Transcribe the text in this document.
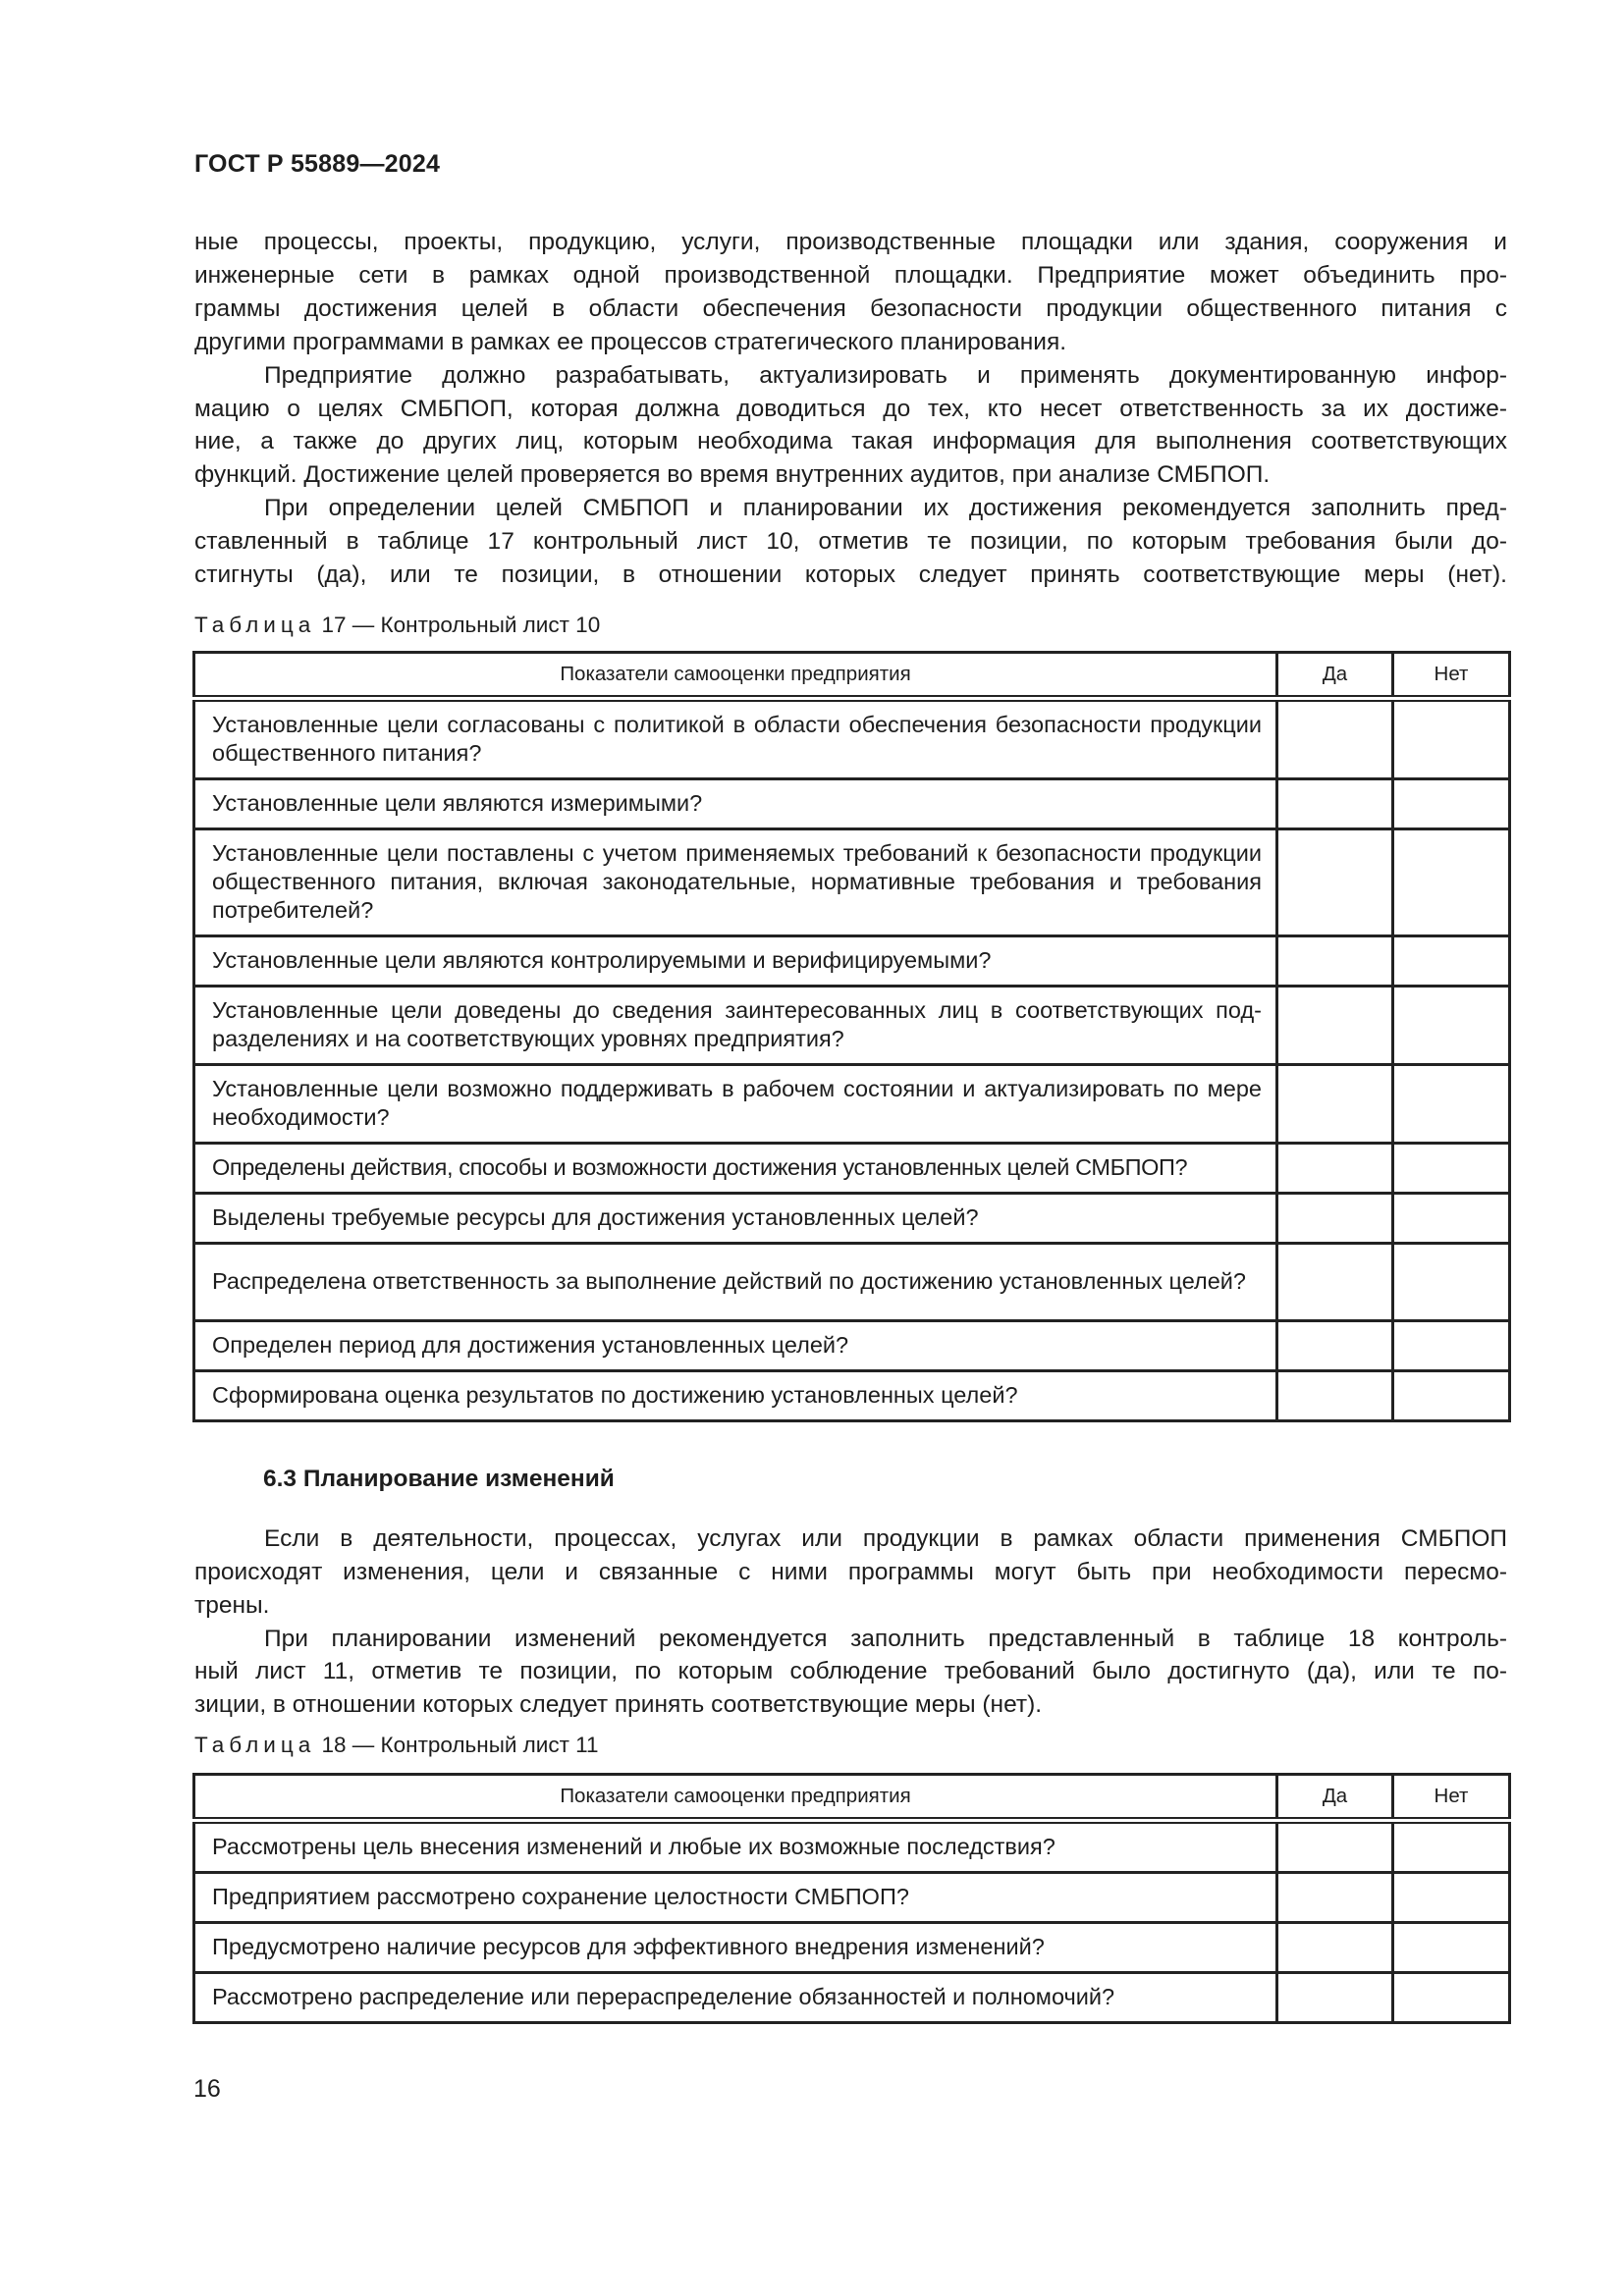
ГОСТ Р 55889—2024
ные процессы, проекты, продукцию, услуги, производственные площадки или здания, сооружения и
инженерные сети в рамках одной производственной площадки. Предприятие может объединить про-
граммы достижения целей в области обеспечения безопасности продукции общественного питания с
другими программами в рамках ее процессов стратегического планирования.
Предприятие должно разрабатывать, актуализировать и применять документированную инфор-
мацию о целях СМБПОП, которая должна доводиться до тех, кто несет ответственность за их достиже-
ние, а также до других лиц, которым необходима такая информация для выполнения соответствующих
функций. Достижение целей проверяется во время внутренних аудитов, при анализе СМБПОП.
При определении целей СМБПОП и планировании их достижения рекомендуется заполнить пред-
ставленный в таблице 17 контрольный лист 10, отметив те позиции, по которым требования были до-
стигнуты (да), или те позиции, в отношении которых следует принять соответствующие меры (нет).
Таблица 17 — Контрольный лист 10
Показатели самооценки предприятия	Да	Нет
Установленные цели согласованы с политикой в области обеспечения безопасности продукции общественного питания?		
Установленные цели являются измеримыми?		
Установленные цели поставлены с учетом применяемых требований к безопасности продукции общественного питания, включая законодательные, нормативные требования и требования потребителей?		
Установленные цели являются контролируемыми и верифицируемыми?		
Установленные цели доведены до сведения заинтересованных лиц в соответствующих подразделениях и на соответствующих уровнях предприятия?		
Установленные цели возможно поддерживать в рабочем состоянии и актуализировать по мере необходимости?		
Определены действия, способы и возможности достижения установленных целей СМБПОП?		
Выделены требуемые ресурсы для достижения установленных целей?		
Распределена ответственность за выполнение действий по достижению установленных целей?		
Определен период для достижения установленных целей?		
Сформирована оценка результатов по достижению установленных целей?		
6.3 Планирование изменений
Если в деятельности, процессах, услугах или продукции в рамках области применения СМБПОП
происходят изменения, цели и связанные с ними программы могут быть при необходимости пересмо-
трены.
При планировании изменений рекомендуется заполнить представленный в таблице 18 контроль-
ный лист 11, отметив те позиции, по которым соблюдение требований было достигнуто (да), или те по-
зиции, в отношении которых следует принять соответствующие меры (нет).
Таблица 18 — Контрольный лист 11
Показатели самооценки предприятия	Да	Нет
Рассмотрены цель внесения изменений и любые их возможные последствия?		
Предприятием рассмотрено сохранение целостности СМБПОП?		
Предусмотрено наличие ресурсов для эффективного внедрения изменений?		
Рассмотрено распределение или перераспределение обязанностей и полномочий?		
16
